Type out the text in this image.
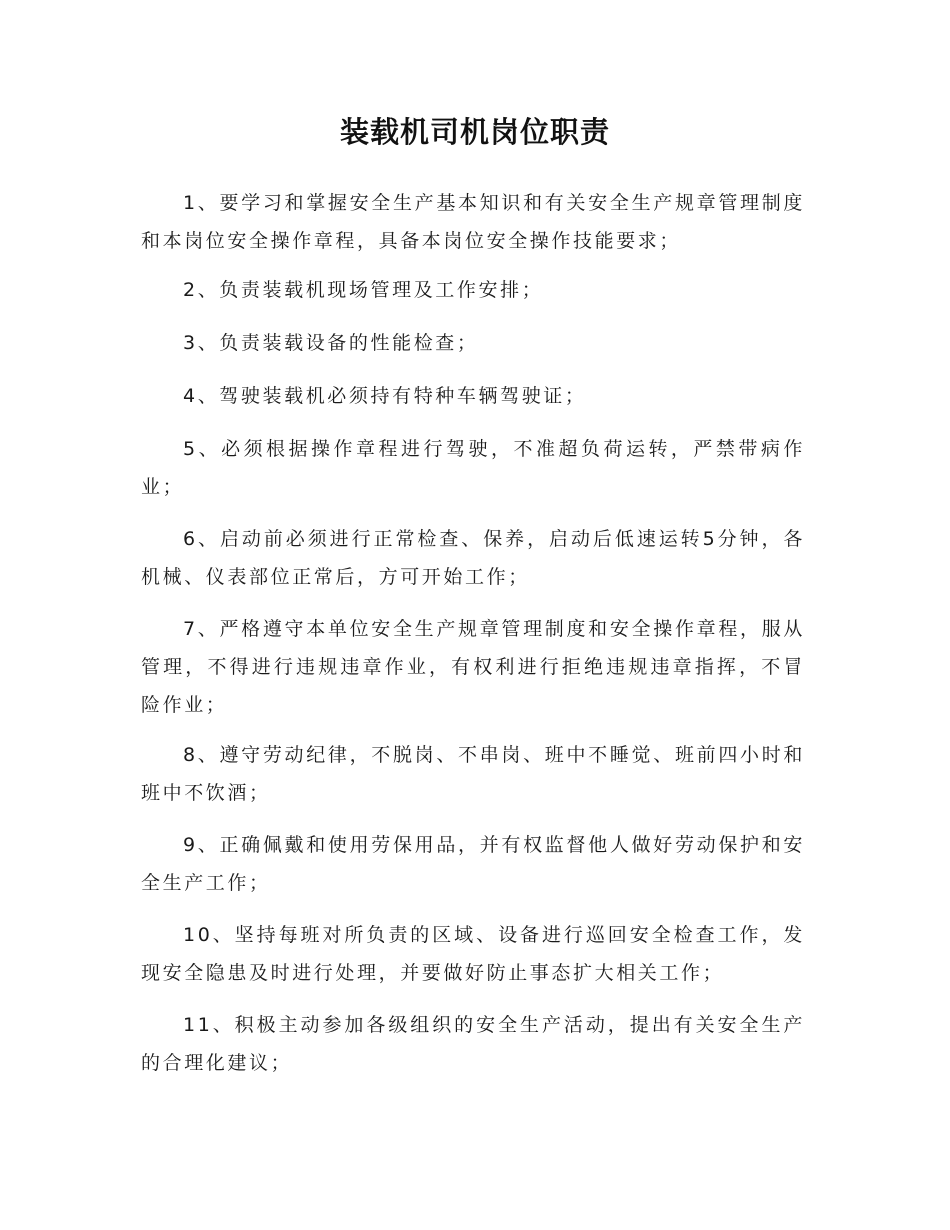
装载机司机岗位职责

1、要学习和掌握安全生产基本知识和有关安全生产规章管理制度和本岗位安全操作章程，具备本岗位安全操作技能要求；

2、负责装载机现场管理及工作安排；

3、负责装载设备的性能检查；

4、驾驶装载机必须持有特种车辆驾驶证；

5、必须根据操作章程进行驾驶，不准超负荷运转，严禁带病作业；

6、启动前必须进行正常检查、保养，启动后低速运转5分钟，各机械、仪表部位正常后，方可开始工作；

7、严格遵守本单位安全生产规章管理制度和安全操作章程，服从管理，不得进行违规违章作业，有权利进行拒绝违规违章指挥，不冒险作业；

8、遵守劳动纪律，不脱岗、不串岗、班中不睡觉、班前四小时和班中不饮酒；

9、正确佩戴和使用劳保用品，并有权监督他人做好劳动保护和安全生产工作；

10、坚持每班对所负责的区域、设备进行巡回安全检查工作，发现安全隐患及时进行处理，并要做好防止事态扩大相关工作；

11、积极主动参加各级组织的安全生产活动，提出有关安全生产的合理化建议；
